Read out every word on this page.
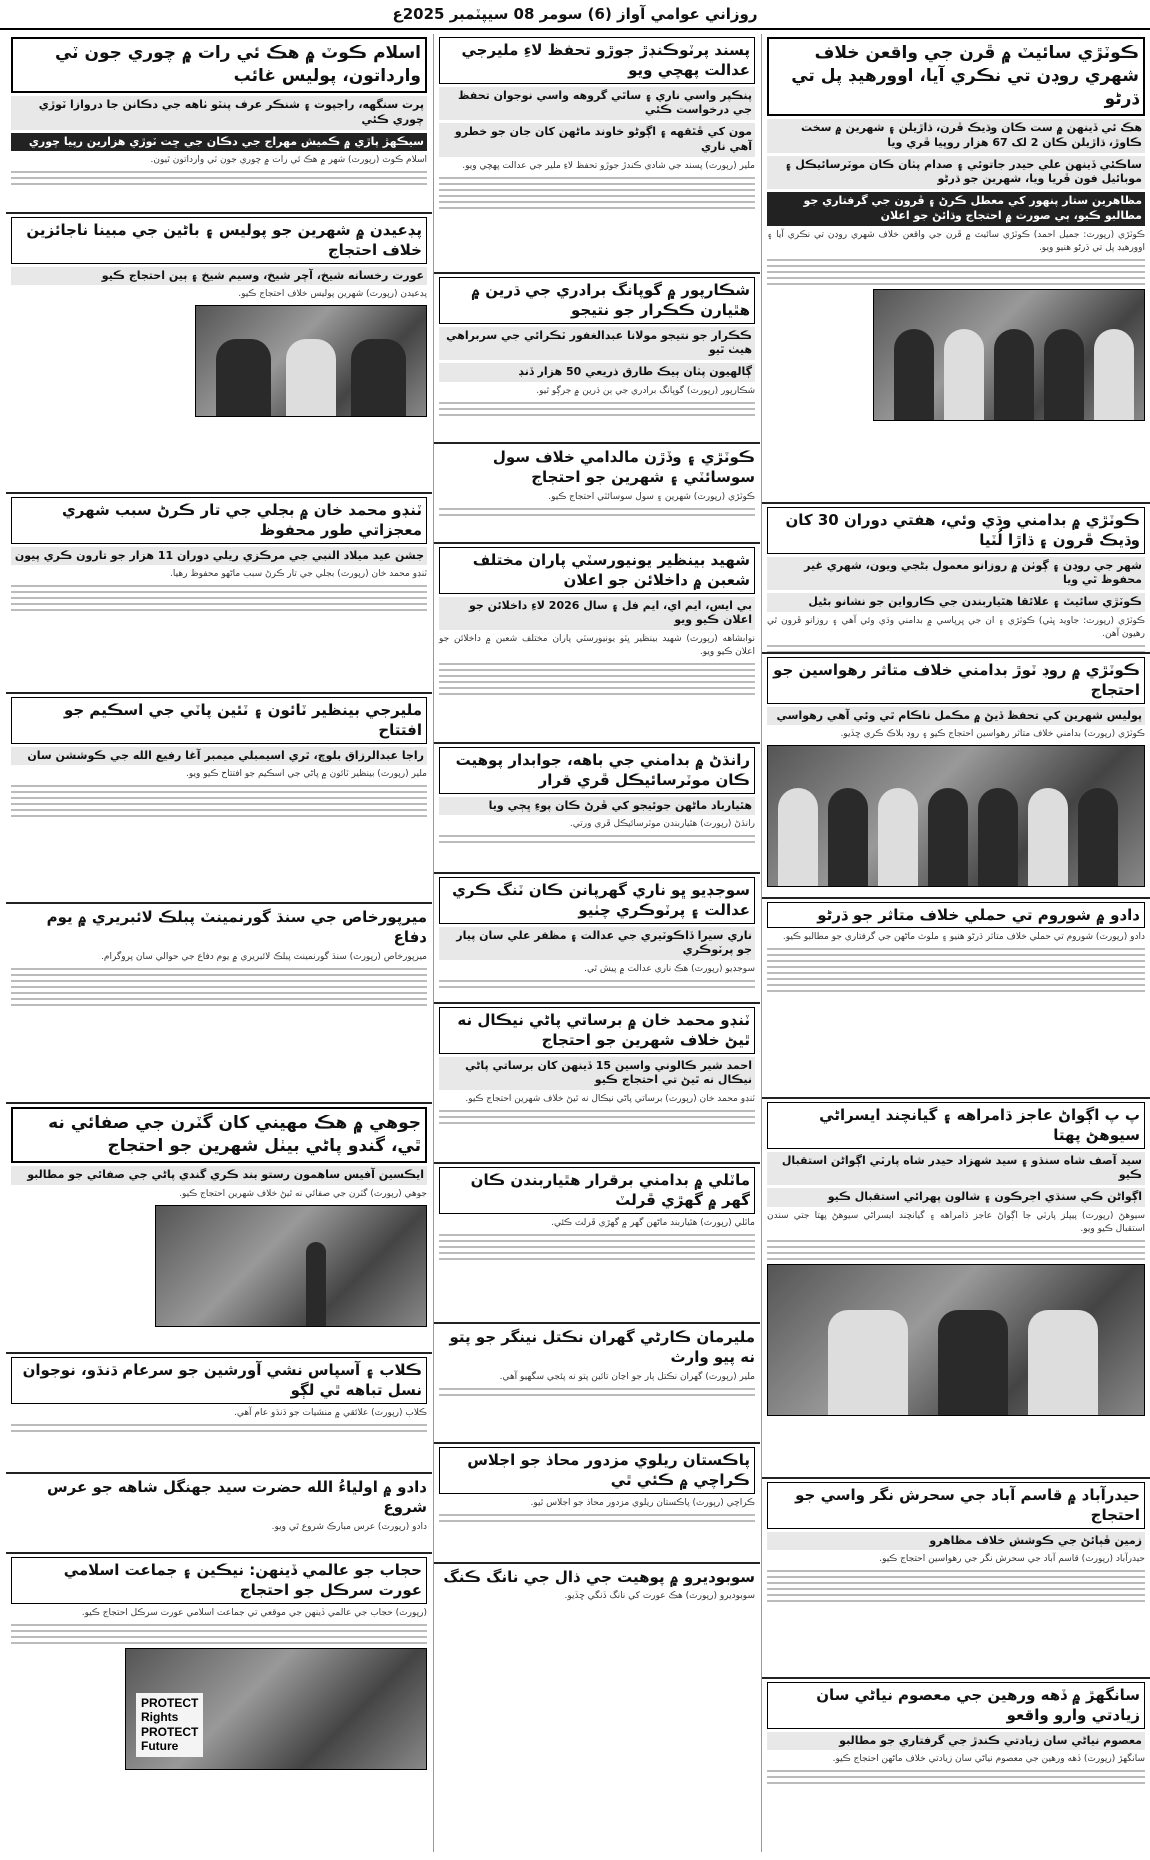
روزاني عوامي آواز (6) سومر 08 سيپٽمبر 2025ع
ڪوٽڙي سائيٽ ۾ ڦرن جي واقعن خلاف شهري روڊن تي نڪري آيا، اوورهيڊ پل تي ڌرڻو
هڪ ئي ڏينهن ۾ ست ڪان وڌيڪ ڦرن، ڌاڙيلن ۽ شهرين ۾ سخت ڪاوڙ، ڌاڙيلن ڪان 2 لک 67 هزار روپيا ڦري ويا
ساڪئي ڏينهن علي حيدر جاتوئي ۽ صدام پٺان ڪان موٽرسائيڪل ۽ موبائيل فون ڦريا ويا، شهرين جو ڌرڻو
مظاهرين ستار پنهور کي معطل ڪرڻ ۽ ڦرون جي گرفتاري جو مطالبو ڪيو، ٻي صورت ۾ احتجاج وڌائڻ جو اعلان

ڪوٽڙي (رپورٽ: جميل احمد) ڪوٽڙي سائيٽ ۾ ڦرن جي واقعن خلاف شهري روڊن تي نڪري آيا ۽ اوورهيڊ پل تي ڌرڻو هنيو ويو.

ڪوٽڙي ۾ بدامني وڌي وئي، هفتي دوران 30 کان وڌيڪ ڦرون ۽ ڌاڙا لُٽيا
شهر جي روڊن ۽ ڳوٺن ۾ روزانو معمول بڻجي ويون، شهري غير محفوظ ٿي ويا
ڪوٽڙي سائيٽ ۽ علائقا هٿياربندن جي ڪارواين جو نشانو بڻيل

ڪوٽڙي (رپورٽ: جاويد ڀٽي) ڪوٽڙي ۽ ان جي ڀرپاسي ۾ بدامني وڌي وئي آهي ۽ روزانو ڦرون ٿي رهيون آهن.

ڪوٽڙي ۾ روڊ ٽوڙ بدامني خلاف متاثر رهواسين جو احتجاج
پوليس شهرين کي تحفظ ڏيڻ ۾ مڪمل ناڪام ٿي وئي آهي رهواسي

ڪوٽڙي (رپورٽ) بدامني خلاف متاثر رهواسين احتجاج ڪيو ۽ روڊ بلاڪ ڪري ڇڏيو.

دادو ۾ شوروم تي حملي خلاف متاثر جو ڌرڻو

دادو (رپورٽ) شوروم تي حملي خلاف متاثر ڌرڻو هنيو ۽ ملوث ماڻهن جي گرفتاري جو مطالبو ڪيو.

پ پ اڳواڻ عاجز ڌامراهه ۽ گيانچند ايسراڻي سيوهڻ پهتا
سيد آصف شاه سنڌو ۽ سيد شهزاد حيدر شاه پارٽي اڳواڻن استقبال ڪيو
اڳواڻن ڪي سنڌي اجرڪون ۽ شالون پهرائي استقبال ڪيو

سيوهڻ (رپورٽ) پيپلز پارٽي جا اڳواڻ عاجز ڌامراهه ۽ گيانچند ايسراڻي سيوهڻ پهتا جتي سندن استقبال ڪيو ويو.

حيدرآباد ۾ قاسم آباد جي سحرش نگر واسي جو احتجاج
زمين ڦٻائڻ جي ڪوشش خلاف مظاهرو

حيدرآباد (رپورٽ) قاسم آباد جي سحرش نگر جي رهواسين احتجاج ڪيو.

سانگهڙ ۾ ڏهه ورهين جي معصوم نياڻي سان زيادتي وارو واقعو
معصوم نياڻي سان زيادتي ڪندڙ جي گرفتاري جو مطالبو

سانگهڙ (رپورٽ) ڏهه ورهين جي معصوم نياڻي سان زيادتي خلاف ماڻهن احتجاج ڪيو.

پسند پرٽوڪنڊڙ جوڙو تحفظ لاءِ مليرجي عدالت پهچي ويو
پنڪپر واسي ناري ۽ ساٿي گروهه واسي نوجوان تحفظ جي درخواست ڪئي
مون کي ڦٿقهه ۽ اڳوڻو خاوند ماڻهن کان جان جو خطرو آهي ناري

ملير (رپورٽ) پسند جي شادي ڪندڙ جوڙو تحفظ لاءِ ملير جي عدالت پهچي ويو.

شڪارپور ۾ گوپانگ برادري جي ڌرين ۾ هٿيارن ڪڪرار جو نتيجو
ڪڪرار جو نتيجو مولانا عبدالغفور ٽڪرائي جي سربراهي هيٺ ٿيو
ڳالهيون پٺان ٻيڪ طارق ذريعي 50 هزار ڏنڊ

شڪارپور (رپورٽ) گوپانگ برادري جي ٻن ڌرين ۾ جرڳو ٿيو.

ڪوٽڙي ۽ وڏڙن مالدامي خلاف سول سوسائٽي ۽ شهرين جو احتجاج

ڪوٽڙي (رپورٽ) شهرين ۽ سول سوسائٽي احتجاج ڪيو.

شهيد بينظير يونيورسٽي پاران مختلف شعبن ۾ داخلائن جو اعلان
بي ايس، ايم اي، ايم فل ۽ سال 2026 لاءِ داخلائن جو اعلان ڪيو ويو

نوابشاهه (رپورٽ) شهيد بينظير ڀٽو يونيورسٽي پاران مختلف شعبن ۾ داخلائن جو اعلان ڪيو ويو.

رانڌڻ ۾ بدامني جي باهه، جوابدار پوهيت ڪان موٽرسائيڪل ڦري قرار
هٿيارباد ماڻهن جوئيجو کي ڦرڻ ڪان پوءِ ڀڄي ويا

رانڌڻ (رپورٽ) هٿياربندن موٽرسائيڪل ڦري ورتي.

سوجڊيو ڀو ناري گهرپانن ڪان ٽنگ ڪري عدالت ۽ پرٽوڪري چٺيو
ناري سيرا ڏاڪوٽيري جي عدالت ۽ مظفر علي سان پيار جو پرٽوڪري

سوجڊيو (رپورٽ) هڪ ناري عدالت ۾ پيش ٿي.

ٽنڊو محمد خان ۾ برساتي پاڻي نيڪال نه ٿيڻ خلاف شهرين جو احتجاج
احمد شير ڪالوني واسين 15 ڏينهن کان برساتي پاڻي نيڪال نه ٿيڻ تي احتجاج ڪيو

ٽنڊو محمد خان (رپورٽ) برساتي پاڻي نيڪال نه ٿيڻ خلاف شهرين احتجاج ڪيو.

ماٽلي ۾ بدامني برقرار هٿياربندن ڪان گهر ۾ گهڙي ڦرلٽ

ماٽلي (رپورٽ) هٿياربند ماڻهن گهر ۾ گهڙي ڦرلٽ ڪئي.

مليرمان ڪارڻي گهران نڪتل نينگر جو پتو نه پيو وارث

ملير (رپورٽ) گهران نڪتل ٻار جو اڃان تائين پتو نه پئجي سگهيو آهي.

پاڪستان ريلوي مزدور محاذ جو اجلاس ڪراچي ۾ ڪئي ٿي

ڪراچي (رپورٽ) پاڪستان ريلوي مزدور محاذ جو اجلاس ٿيو.

سوبوديرو ۾ پوهيت جي ذال جي نانگ ڪنگ

سوبوديرو (رپورٽ) هڪ عورت کي نانگ ڏنگي ڇڏيو.

اسلام ڪوٽ ۾ هڪ ئي رات ۾ چوري جون ٽي وارداتون، پوليس غائب
پرت سنگهه، راجپوت ۽ شنڪر عرف پنٽو ٺاهه جي دڪانن جا دروازا ٽوڙي چوري ڪئي
سيڪهڙ پاڙي ۾ ڪميش مهراج جي دڪان جي ڇت ٽوڙي هزارين رپيا چوري

اسلام ڪوٽ (رپورٽ) شهر ۾ هڪ ئي رات ۾ چوري جون ٽي وارداتون ٿيون.

پڊعيدن ۾ شهرين جو پوليس ۽ باڻين جي مبينا ناجائزين خلاف احتجاج
عورت رخسانه شيخ، آچر شيخ، وسيم شيخ ۽ ٻين احتجاج ڪيو

پڊعيدن (رپورٽ) شهرين پوليس خلاف احتجاج ڪيو.

ٽنڊو محمد خان ۾ بجلي جي تار ڪرڻ سبب شهري معجزاتي طور محفوظ
جشن عيد ميلاد النبي جي مرڪزي ريلي دوران 11 هزار جو تارون ڪري پيون

ٽنڊو محمد خان (رپورٽ) بجلي جي تار ڪرڻ سبب ماڻهو محفوظ رهيا.

مليرجي بينظير ٽائون ۽ ٽئين پاٽي جي اسڪيم جو افتتاح
راجا عبدالرزاق بلوچ، ٿري اسيمبلي ميمبر آغا رفيع الله جي ڪوششن سان

ملير (رپورٽ) بينظير ٽائون ۾ پاڻي جي اسڪيم جو افتتاح ڪيو ويو.

ميرپورخاص جي سنڌ گورنمينٽ پبلڪ لائبريري ۾ يوم دفاع

ميرپورخاص (رپورٽ) سنڌ گورنمينٽ پبلڪ لائبريري ۾ يوم دفاع جي حوالي سان پروگرام.

جوهي ۾ هڪ مهيني کان گٽرن جي صفائي نه ٿي، گندو پاڻي بيٺل شهرين جو احتجاج
ايڪسين آفيس ساهمون رستو بند ڪري گندي پاڻي جي صفائي جو مطالبو

جوهي (رپورٽ) گٽرن جي صفائي نه ٿيڻ خلاف شهرين احتجاج ڪيو.

ڪلاب ۽ آسپاس نشي آورشين جو سرعام ڌنڌو، نوجوان نسل تباهه ٿي لڳو

ڪلاب (رپورٽ) علائقي ۾ منشيات جو ڌنڌو عام آهي.

دادو ۾ اولياءُ الله حضرت سيد جهنگل شاهه جو عرس شروع

دادو (رپورٽ) عرس مبارڪ شروع ٿي ويو.

حجاب جو عالمي ڏينهن: نيڪين ۽ جماعت اسلامي عورت سرڪل جو احتجاج

(رپورٽ) حجاب جي عالمي ڏينهن جي موقعي تي جماعت اسلامي عورت سرڪل احتجاج ڪيو.

PROTECT
Rights
PROTECT
Future
